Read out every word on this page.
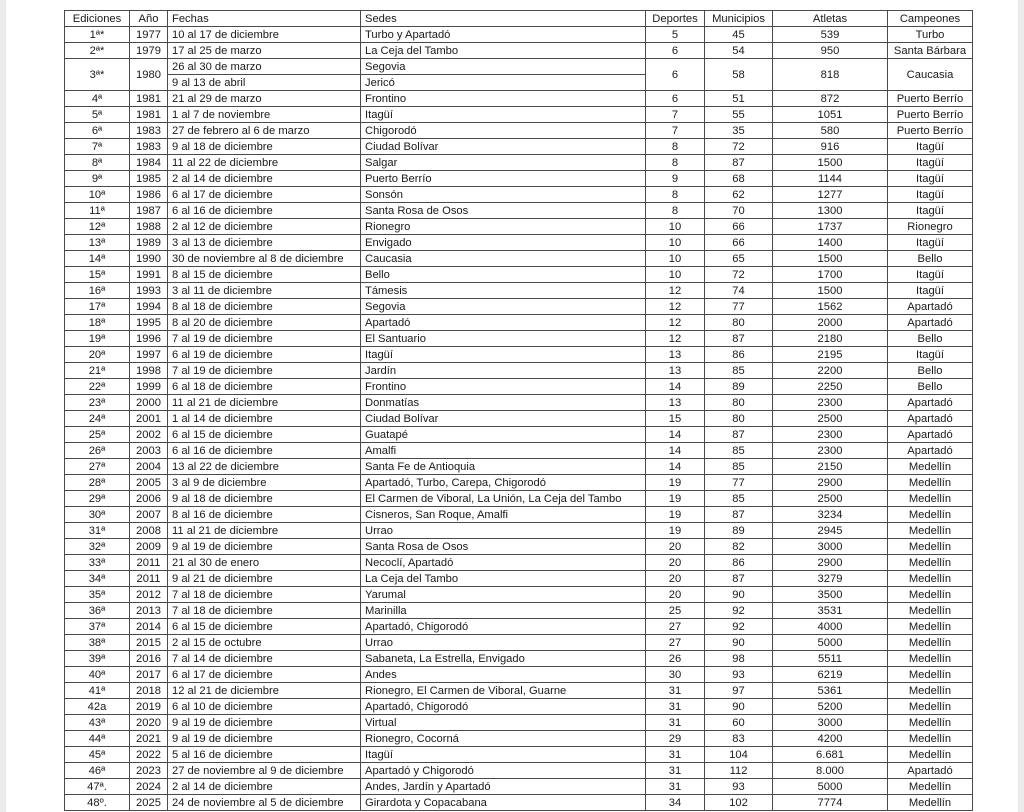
Ediciones	Año	Fechas	Sedes	Deportes	Municipios	Atletas	Campeones
1ª*	1977	10 al 17 de diciembre	Turbo y Apartadó	5	45	539	Turbo
2ª*	1979	17 al 25 de marzo	La Ceja del Tambo	6	54	950	Santa Bárbara
3ª*	1980	26 al 30 de marzo	Segovia	6	58	818	Caucasia
		9 al 13 de abril	Jericó				
4ª	1981	21 al 29 de marzo	Frontino	6	51	872	Puerto Berrío
5ª	1981	1 al 7 de noviembre	Itagüí	7	55	1051	Puerto Berrío
6ª	1983	27 de febrero al 6 de marzo	Chigorodó	7	35	580	Puerto Berrío
7ª	1983	9 al 18 de diciembre	Ciudad Bolívar	8	72	916	Itagüí
8ª	1984	11 al 22 de diciembre	Salgar	8	87	1500	Itagüí
9ª	1985	2 al 14 de diciembre	Puerto Berrío	9	68	1144	Itagüí
10ª	1986	6 al 17 de diciembre	Sonsón	8	62	1277	Itagüí
11ª	1987	6 al 16 de diciembre	Santa Rosa de Osos	8	70	1300	Itagüí
12ª	1988	2 al 12 de diciembre	Rionegro	10	66	1737	Rionegro
13ª	1989	3 al 13 de diciembre	Envigado	10	66	1400	Itagüí
14ª	1990	30 de noviembre al 8 de diciembre	Caucasia	10	65	1500	Bello
15ª	1991	8 al 15 de diciembre	Bello	10	72	1700	Itagüí
16ª	1993	3 al 11 de diciembre	Támesis	12	74	1500	Itagüí
17ª	1994	8 al 18 de diciembre	Segovia	12	77	1562	Apartadó
18ª	1995	8 al 20 de diciembre	Apartadó	12	80	2000	Apartadó
19ª	1996	7 al 19 de diciembre	El Santuario	12	87	2180	Bello
20ª	1997	6 al 19 de diciembre	Itagüí	13	86	2195	Itagüí
21ª	1998	7 al 19 de diciembre	Jardín	13	85	2200	Bello
22ª	1999	6 al 18 de diciembre	Frontino	14	89	2250	Bello
23ª	2000	11 al 21 de diciembre	Donmatías	13	80	2300	Apartadó
24ª	2001	1 al 14 de diciembre	Ciudad Bolívar	15	80	2500	Apartadó
25ª	2002	6 al 15 de diciembre	Guatapé	14	87	2300	Apartadó
26ª	2003	6 al 16 de diciembre	Amalfi	14	85	2300	Apartadó
27ª	2004	13 al 22 de diciembre	Santa Fe de Antioquia	14	85	2150	Medellín
28ª	2005	3 al 9 de diciembre	Apartadó, Turbo, Carepa, Chigorodó	19	77	2900	Medellín
29ª	2006	9 al 18 de diciembre	El Carmen de Viboral, La Unión, La Ceja del Tambo	19	85	2500	Medellín
30ª	2007	8 al 16 de diciembre	Cisneros, San Roque, Amalfi	19	87	3234	Medellín
31ª	2008	11 al 21 de diciembre	Urrao	19	89	2945	Medellín
32ª	2009	9 al 19 de diciembre	Santa Rosa de Osos	20	82	3000	Medellín
33ª	2011	21 al 30 de enero	Necoclí, Apartadó	20	86	2900	Medellín
34ª	2011	9 al 21 de diciembre	La Ceja del Tambo	20	87	3279	Medellín
35ª	2012	7 al 18 de diciembre	Yarumal	20	90	3500	Medellín
36ª	2013	7 al 18 de diciembre	Marinilla	25	92	3531	Medellín
37ª	2014	6 al 15 de diciembre	Apartadó, Chigorodó	27	92	4000	Medellín
38ª	2015	2 al 15 de octubre	Urrao	27	90	5000	Medellín
39ª	2016	7 al 14 de diciembre	Sabaneta, La Estrella, Envigado	26	98	5511	Medellín
40ª	2017	6 al 17 de diciembre	Andes	30	93	6219	Medellín
41ª	2018	12 al 21 de diciembre	Rionegro, El Carmen de Viboral, Guarne	31	97	5361	Medellín
42a	2019	6 al 10 de diciembre	Apartadó, Chigorodó	31	90	5200	Medellín
43ª	2020	9 al 19 de diciembre	Virtual	31	60	3000	Medellín
44ª	2021	9 al 19 de diciembre	Rionegro, Cocorná	29	83	4200	Medellín
45ª	2022	5 al 16 de diciembre	Itagüí	31	104	6.681	Medellín
46ª	2023	27 de noviembre al 9 de diciembre	Apartadó y Chigorodó	31	112	8.000	Apartadó
47ª.	2024	2 al 14 de diciembre	Andes, Jardín y Apartadó	31	93	5000	Medellín
48º.	2025	24 de noviembre al 5 de diciembre	Girardota y Copacabana	34	102	7774	Medellín
